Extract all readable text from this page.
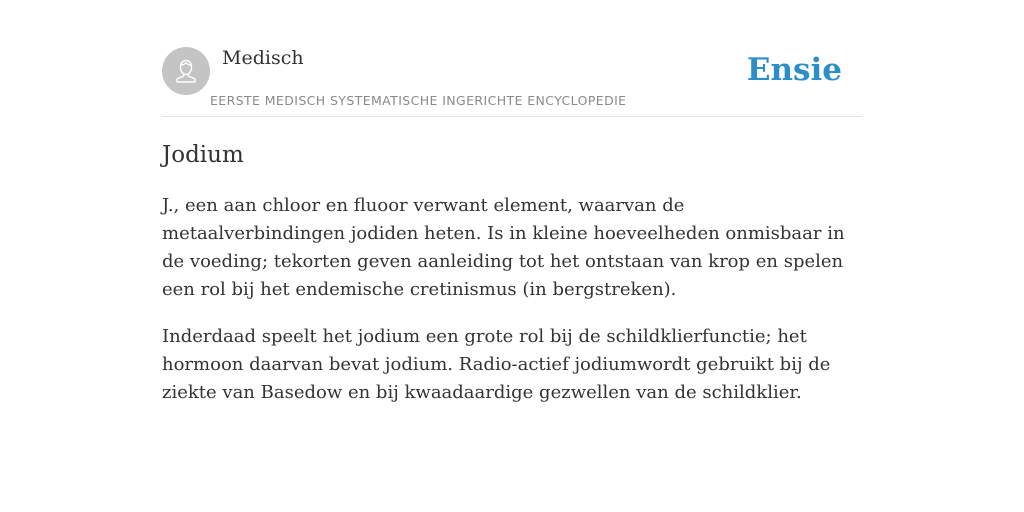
Medisch
EERSTE MEDISCH SYSTEMATISCHE INGERICHTE ENCYCLOPEDIE
Ensie
Jodium

J., een aan chloor en fluoor verwant element, waarvan de metaalverbindingen jodiden heten. Is in kleine hoeveelheden onmisbaar in de voeding; tekorten geven aanleiding tot het ontstaan van krop en spelen een rol bij het endemische cretinismus (in bergstreken).

Inderdaad speelt het jodium een grote rol bij de schildklierfunctie; het hormoon daarvan bevat jodium. Radio-actief jodiumwordt gebruikt bij de ziekte van Basedow en bij kwaadaardige gezwellen van de schildklier.
